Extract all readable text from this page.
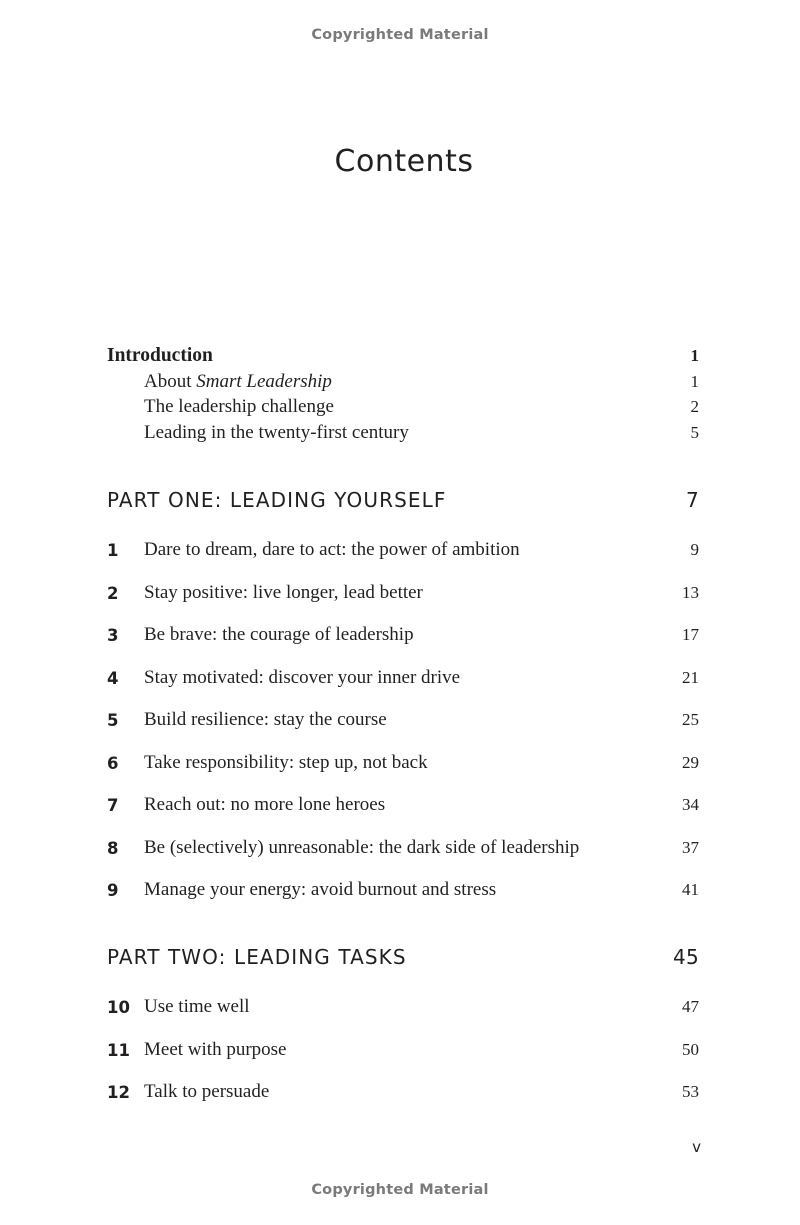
Copyrighted Material
Contents
Introduction	1
About Smart Leadership	1
The leadership challenge	2
Leading in the twenty-first century	5
PART ONE: LEADING YOURSELF	7
1	Dare to dream, dare to act: the power of ambition	9
2	Stay positive: live longer, lead better	13
3	Be brave: the courage of leadership	17
4	Stay motivated: discover your inner drive	21
5	Build resilience: stay the course	25
6	Take responsibility: step up, not back	29
7	Reach out: no more lone heroes	34
8	Be (selectively) unreasonable: the dark side of leadership	37
9	Manage your energy: avoid burnout and stress	41
PART TWO: LEADING TASKS	45
10 Use time well	47
11 Meet with purpose	50
12 Talk to persuade	53
v
Copyrighted Material
